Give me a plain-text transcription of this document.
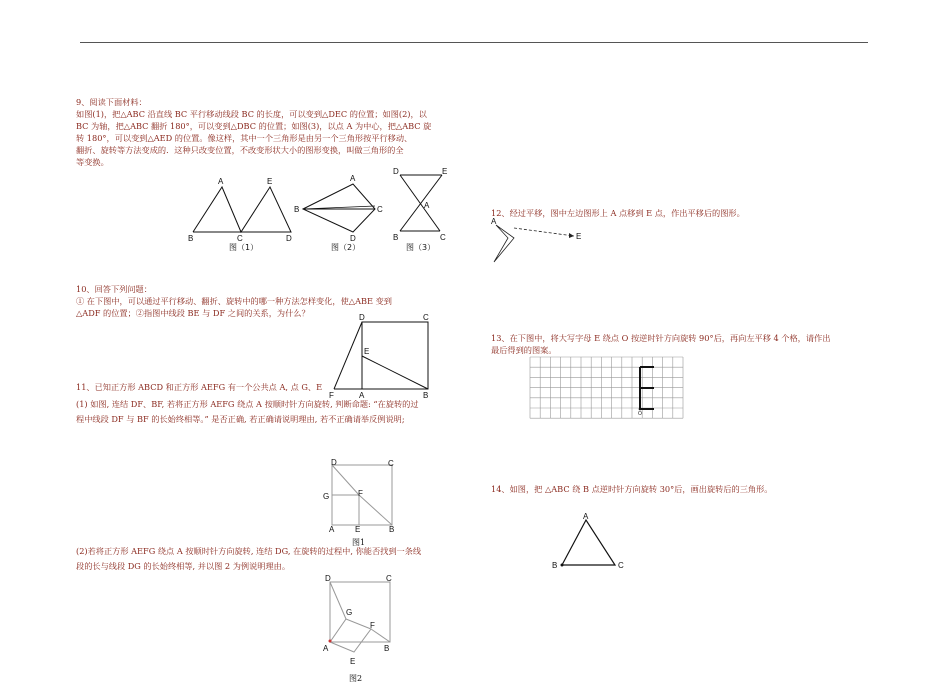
9、阅读下面材料：
如图(1)，把△ABC 沿直线 BC 平行移动线段 BC 的长度，可以变到△DEC 的位置；如图(2)，以
BC 为轴，把△ABC 翻折 180°，可以变到△DBC 的位置；如图(3)，以点 A 为中心，把△ABC 旋
转 180°，可以变到△AED 的位置。像这样，其中一个三角形是由另一个三角形按平行移动、
翻折、旋转等方法变成的．这种只改变位置，不改变形状大小的图形变换，叫做三角形的全
等变换。
A	E
B	C	D
图（1）
A
B	C
D
图（2）
D	E
A
B	C
图（3）
10、回答下列问题：
① 在下图中，可以通过平行移动、翻折、旋转中的哪一种方法怎样变化，使△ABE 变到
△ADF 的位置；②指图中线段 BE 与 DF 之间的关系，为什么？	D	C
E
F	A	B
11、已知正方形 ABCD 和正方形 AEFG 有一个公共点 A, 点 G、E
(1) 如图, 连结 DF、BF, 若将正方形 AEFG 绕点 A 按顺时针方向旋转, 判断命题: “在旋转的过
程中线段 DF 与 BF 的长始终相等。” 是否正确, 若正确请说明理由, 若不正确请举反例说明;
D	C
G	F
A	E	B
图1
(2)若将正方形 AEFG 绕点 A 按顺时针方向旋转, 连结 DG, 在旋转的过程中, 你能否找到一条线
段的长与线段 DG 的长始终相等, 并以图 2 为例说明理由。
D	C
G
F
A
E
B
图2
12、经过平移，图中左边图形上 A 点移到 E 点，作出平移后的图形。
A
E
13、在下图中，将大写字母 E 绕点 O 按逆时针方向旋转 90°后，再向左平移 4 个格，请作出
最后得到的图案。
O
14、如图，把 △ABC 绕 B 点逆时针方向旋转 30°后，画出旋转后的三角形。
A
B	C
